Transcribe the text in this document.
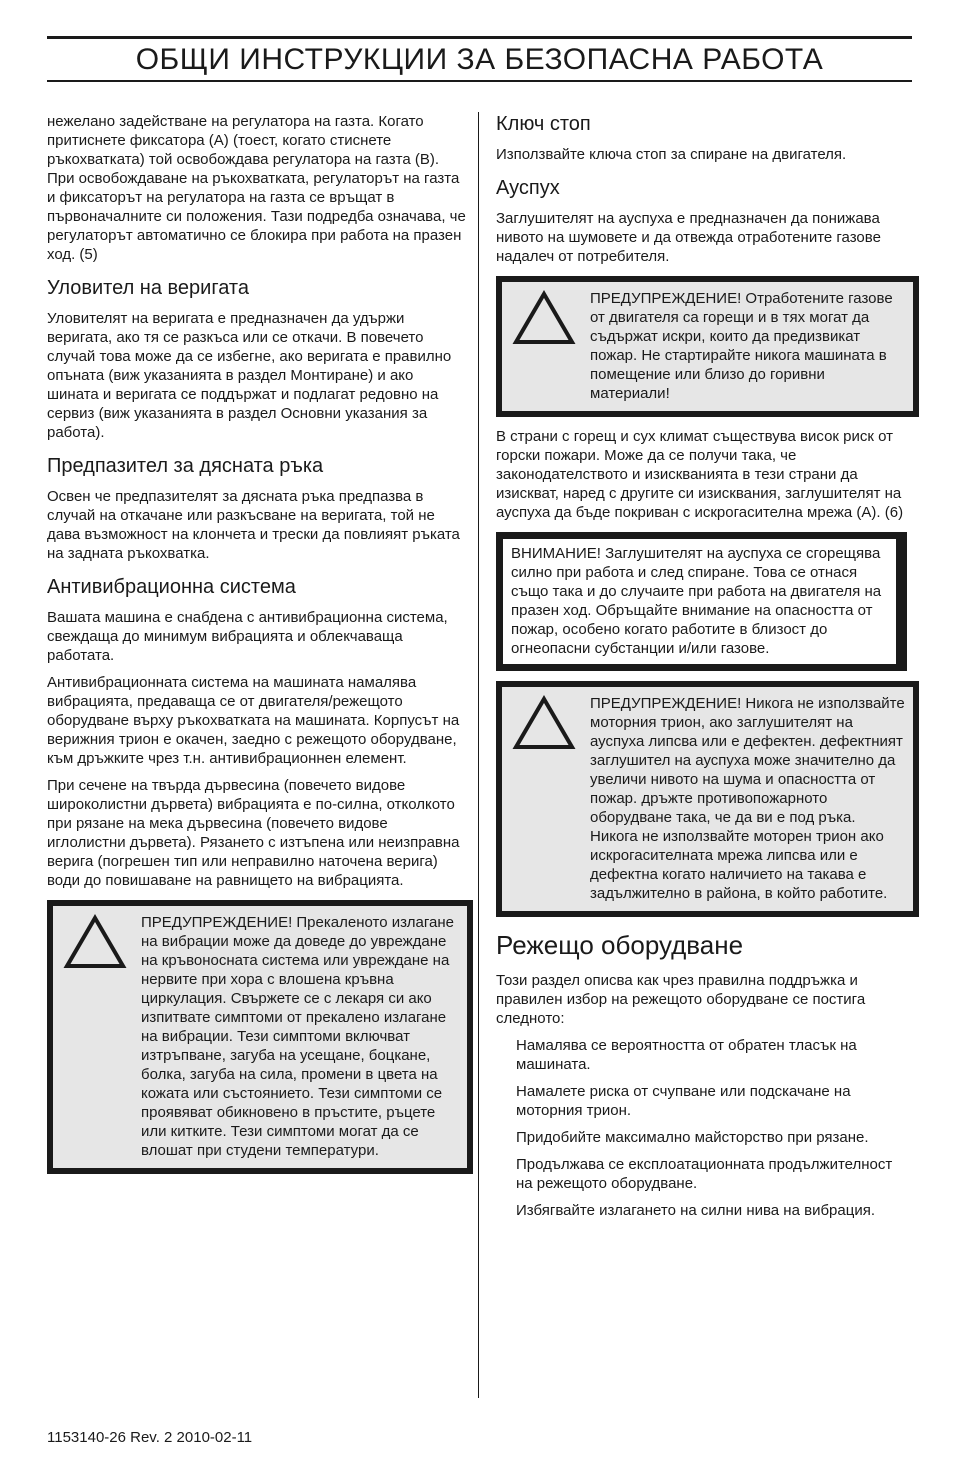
ОБЩИ ИНСТРУКЦИИ ЗА БЕЗОПАСНА РАБОТА

нежелано задействане на регулатора на газта. Когато притиснете фиксатора (A) (тоест, когато стиснете ръкохватката) той освобождава регулатора на газта (B). При освобождаване на ръкохватката, регулаторът на газта и фиксаторът на регулатора на газта се връщат в първоначалните си положения. Тази подредба означава, че регулаторът автоматично се блокира при работа на празен ход. (5)

Уловител на веригата

Уловителят на веригата е предназначен да удържи веригата, ако тя се разкъса или се откачи. В повечето случай това може да се избегне, ако веригата е правилно опъната (виж указанията в раздел Монтиране) и ако шината и веригата се поддържат и подлагат редовно на сервиз (виж указанията в раздел Основни указания за работа).

Предпазител за дясната ръка

Освен че предпазителят за дясната ръка предпазва в случай на откачане или разкъсване на веригата, той не дава възможност на клончета и трески да повлияят ръката на задната ръкохватка.

Антивибрационна система

Вашата машина е снабдена с антивибрационна система, свеждаща до минимум вибрацията и облекчаваща работата.

Антивибрационната система на машината намалява вибрацията, предаваща се от двигателя/режещото оборудване върху ръкохватката на машината. Корпусът на верижния трион е окачен, заедно с режещото оборудване, към дръжките чрез т.н. антивибрационнен елемент.

При сечене на твърда дървесина (повечето видове широколистни дървета) вибрацията е по-силна, отколкото при рязане на мека дървесина (повечето видове иглолистни дървета). Рязането с изтъпена или неизправна верига (погрешен тип или неправилно наточена верига) води до повишаване на равнището на вибрацията.

ПРЕДУПРЕЖДЕНИЕ! Прекаленото излагане на вибрации може да доведе до увреждане на кръвоносната система или увреждане на нервите при хора с влошена кръвна циркулация. Свържете се с лекаря си ако изпитвате симптоми от прекалено излагане на вибрации. Тези симптоми включват изтръпване, загуба на усещане, боцкане, болка, загуба на сила, промени в цвета на кожата или състоянието. Тези симптоми се проявяват обикновено в пръстите, ръцете или китките. Тези симптоми могат да се влошат при студени температури.

Ключ стоп

Използвайте ключа стоп за спиране на двигателя.

Ауспух

Заглушителят на ауспуха е предназначен да понижава нивото на шумовете и да отвежда отработените газове надалеч от потребителя.

ПРЕДУПРЕЖДЕНИЕ! Отработените газове от двигателя са горещи и в тях могат да съдържат искри, които да предизвикат пожар. Не стартирайте никога машината в помещение или близо до горивни материали!

В страни с горещ и сух климат съществува висок риск от горски пожари. Може да се получи така, че законодателството и изискванията в тези страни да изискват, наред с другите си изисквания, заглушителят на ауспуха да бъде покриван с искрогасителна мрежа (A). (6)

ВНИМАНИЕ! Заглушителят на ауспуха се сгорещява силно при работа и след спиране. Това се отнася също така и до случаите при работа на двигателя на празен ход. Обръщайте внимание на опасността от пожар, особено когато работите в близост до огнеопасни субстанции и/или газове.

ПРЕДУПРЕЖДЕНИЕ! Никога не използвайте моторния трион, ако заглушителят на ауспуха липсва или е дефектен. дефектният заглушител на ауспуха може значително да увеличи нивото на шума и опасността от пожар. дръжте противопожарното оборудване така, че да ви е под ръка. Никога не използвайте моторен трион ако искрогасителната мрежа липсва или е дефектна когато наличието на такава е задължително в района, в който работите.

Режещо оборудване

Този раздел описва как чрез правилна поддръжка и правилен избор на режещото оборудване се постига следното:

Намалява се вероятността от обратен тласък на машината.

Намалете риска от счупване или подскачане на моторния трион.

Придобийте максимално майсторство при рязане.

Продължава се експлоатационната продължителност на режещото оборудване.

Избягвайте излагането на силни нива на вибрация.

1153140-26 Rev. 2 2010-02-11
